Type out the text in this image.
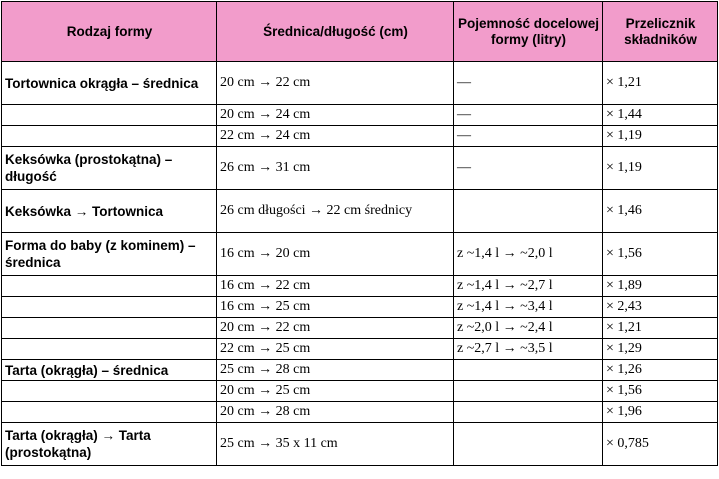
Rodzaj formy	Średnica/długość (cm)	Pojemność docelowej formy (litry)	Przelicznik składników
Tortownica okrągła – średnica	20 cm → 22 cm	—	× 1,21
	20 cm → 24 cm	—	× 1,44
	22 cm → 24 cm	—	× 1,19
Keksówka (prostokątna) – długość	26 cm → 31 cm	—	× 1,19
Keksówka → Tortownica	26 cm długości → 22 cm średnicy		× 1,46
Forma do baby (z kominem) – średnica	16 cm → 20 cm	z ~1,4 l → ~2,0 l	× 1,56
	16 cm → 22 cm	z ~1,4 l → ~2,7 l	× 1,89
	16 cm → 25 cm	z ~1,4 l → ~3,4 l	× 2,43
	20 cm → 22 cm	z ~2,0 l → ~2,4 l	× 1,21
	22 cm → 25 cm	z ~2,7 l → ~3,5 l	× 1,29
Tarta (okrągła) – średnica	25 cm → 28 cm		× 1,26
	20 cm → 25 cm		× 1,56
	20 cm → 28 cm		× 1,96
Tarta (okrągła) → Tarta (prostokątna)	25 cm → 35 x 11 cm		× 0,785
